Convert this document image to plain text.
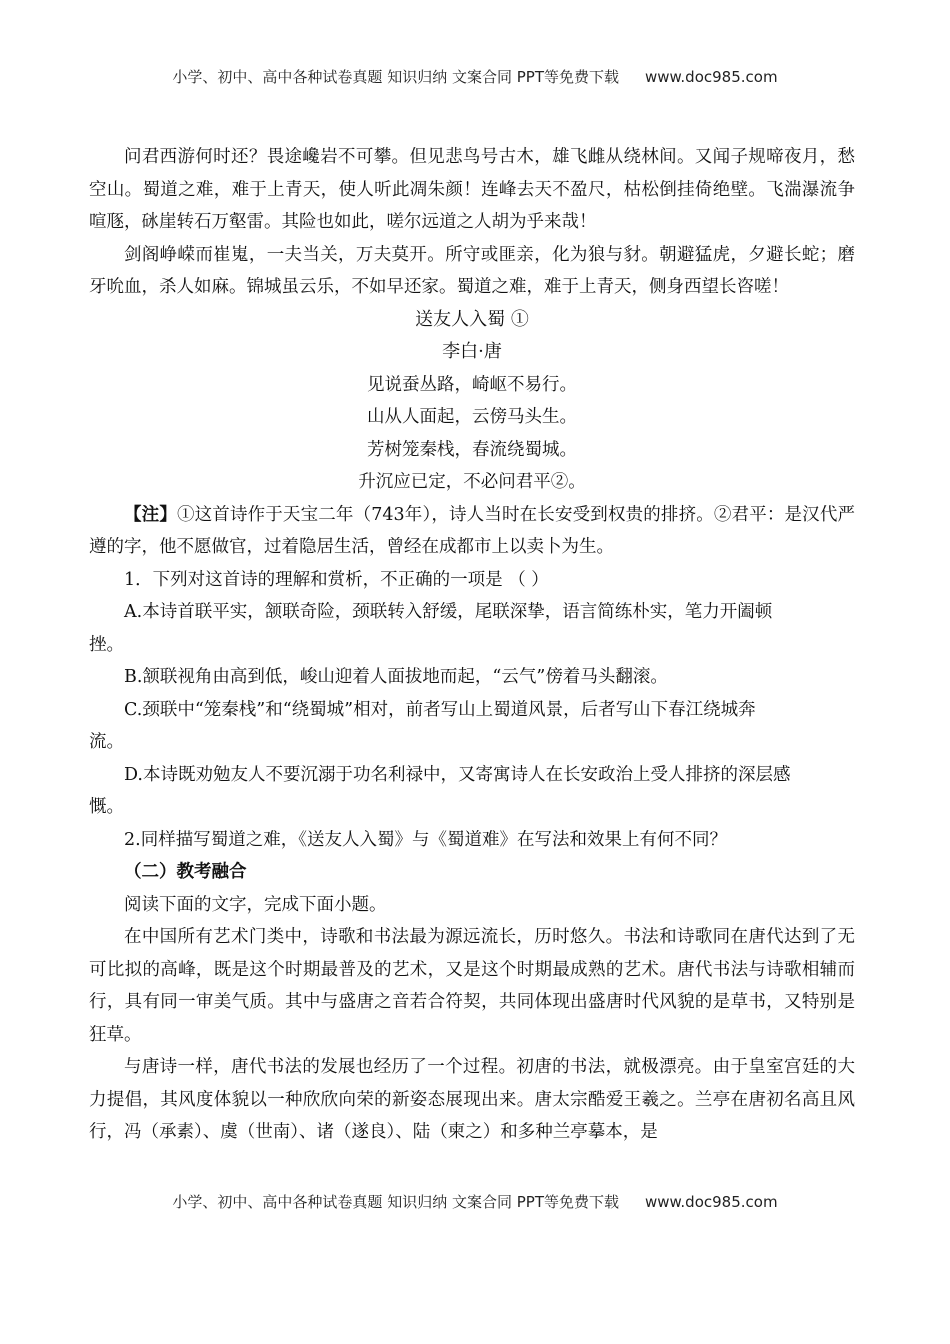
小学、初中、高中各种试卷真题 知识归纳 文案合同 PPT等免费下载 www.doc985.com

问君西游何时还？畏途巉岩不可攀。但见悲鸟号古木，雄飞雌从绕林间。又闻子规啼夜月，愁空山。蜀道之难，难于上青天，使人听此凋朱颜！连峰去天不盈尺，枯松倒挂倚绝壁。飞湍瀑流争喧豗，砯崖转石万壑雷。其险也如此，嗟尔远道之人胡为乎来哉！

剑阁峥嵘而崔嵬，一夫当关，万夫莫开。所守或匪亲，化为狼与豺。朝避猛虎，夕避长蛇；磨牙吮血，杀人如麻。锦城虽云乐，不如早还家。蜀道之难，难于上青天，侧身西望长咨嗟！

送友人入蜀 ①

李白·唐

见说蚕丛路，崎岖不易行。

山从人面起，云傍马头生。

芳树笼秦栈，春流绕蜀城。

升沉应已定，不必问君平②。

【注】①这首诗作于天宝二年（743年），诗人当时在长安受到权贵的排挤。②君平：是汉代严遵的字，他不愿做官，过着隐居生活，曾经在成都市上以卖卜为生。

1．下列对这首诗的理解和赏析，不正确的一项是 （ ）

A.本诗首联平实，颔联奇险，颈联转入舒缓，尾联深挚，语言简练朴实，笔力开阖顿

挫。

B.颔联视角由高到低，峻山迎着人面拔地而起，“云气”傍着马头翻滚。

C.颈联中“笼秦栈”和“绕蜀城”相对，前者写山上蜀道风景，后者写山下春江绕城奔

流。

D.本诗既劝勉友人不要沉溺于功名利禄中，又寄寓诗人在长安政治上受人排挤的深层感

慨。

2.同样描写蜀道之难，《送友人入蜀》与《蜀道难》在写法和效果上有何不同？

（二）教考融合

阅读下面的文字，完成下面小题。

在中国所有艺术门类中，诗歌和书法最为源远流长，历时悠久。书法和诗歌同在唐代达到了无可比拟的高峰，既是这个时期最普及的艺术，又是这个时期最成熟的艺术。唐代书法与诗歌相辅而行，具有同一审美气质。其中与盛唐之音若合符契，共同体现出盛唐时代风貌的是草书，又特别是狂草。

与唐诗一样，唐代书法的发展也经历了一个过程。初唐的书法，就极漂亮。由于皇室宫廷的大力提倡，其风度体貌以一种欣欣向荣的新姿态展现出来。唐太宗酷爱王羲之。兰亭在唐初名高且风行，冯（承素）、虞（世南）、诸（遂良）、陆（柬之）和多种兰亭摹本，是

小学、初中、高中各种试卷真题 知识归纳 文案合同 PPT等免费下载 www.doc985.com
